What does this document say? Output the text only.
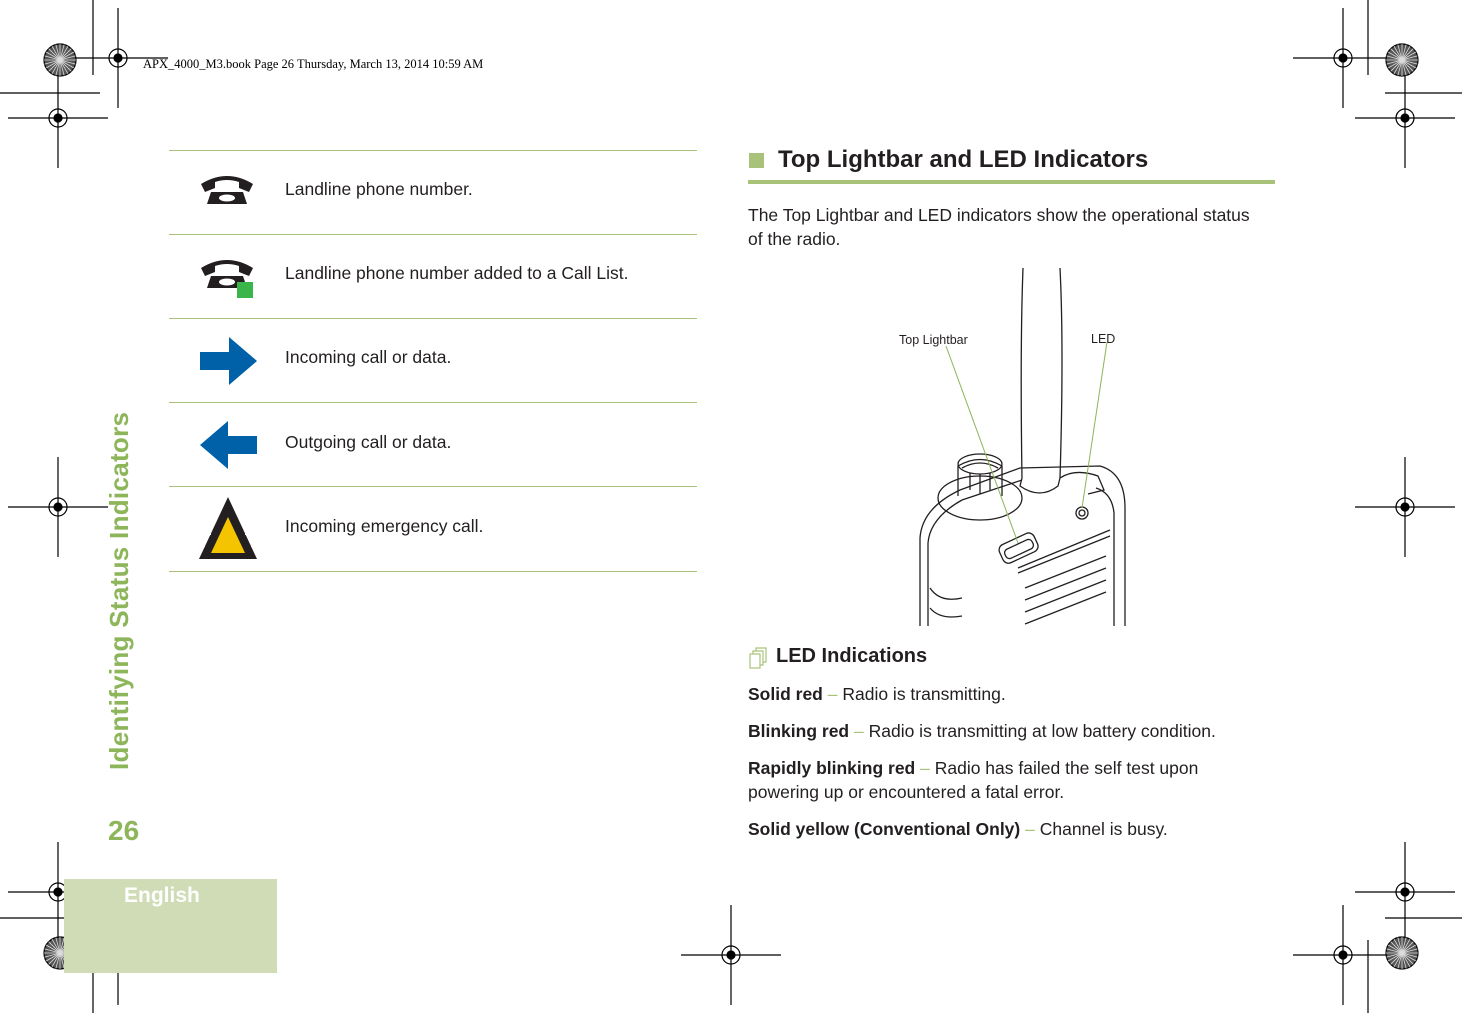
APX_4000_M3.book Page 26 Thursday, March 13, 2014 10:59 AM
Identifying Status Indicators
26
English
Landline phone number.
Landline phone number added to a Call List.
Incoming call or data.
Outgoing call or data.
Incoming emergency call.
Top Lightbar and LED Indicators
The Top Lightbar and LED indicators show the operational status of the radio.
Top Lightbar	LED
LED Indications
Solid red – Radio is transmitting.
Blinking red – Radio is transmitting at low battery condition.
Rapidly blinking red – Radio has failed the self test upon powering up or encountered a fatal error.
Solid yellow (Conventional Only) – Channel is busy.
